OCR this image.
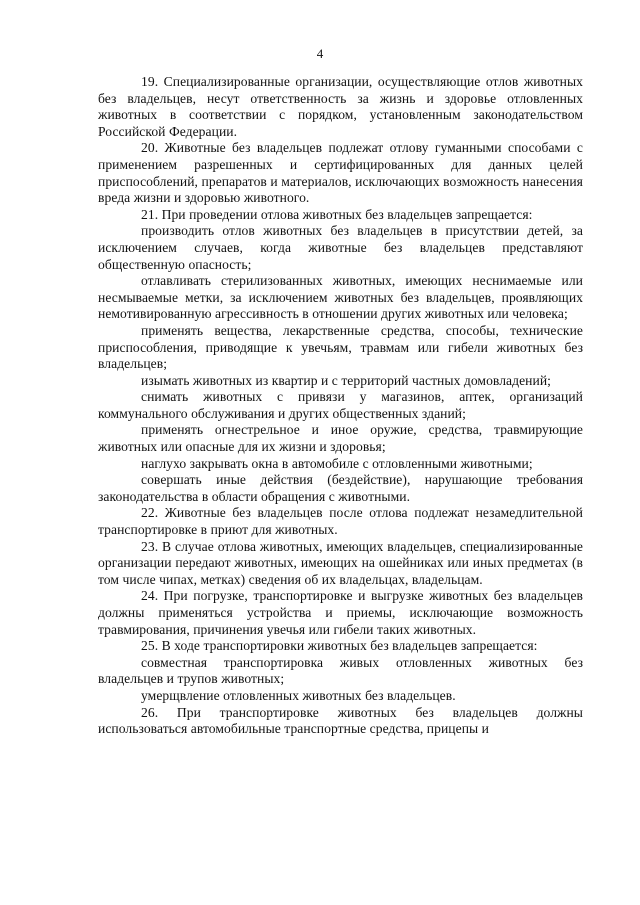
4

19. Специализированные организации, осуществляющие отлов животных без владельцев, несут ответственность за жизнь и здоровье отловленных животных в соответствии с порядком, установленным законодательством Российской Федерации.

20. Животные без владельцев подлежат отлову гуманными способами с применением разрешенных и сертифицированных для данных целей приспособлений, препаратов и материалов, исключающих возможность нанесения вреда жизни и здоровью животного.

21. При проведении отлова животных без владельцев запрещается:

производить отлов животных без владельцев в присутствии детей, за исключением случаев, когда животные без владельцев представляют общественную опасность;

отлавливать стерилизованных животных, имеющих неснимаемые или несмываемые метки, за исключением животных без владельцев, проявляющих немотивированную агрессивность в отношении других животных или человека;

применять вещества, лекарственные средства, способы, технические приспособления, приводящие к увечьям, травмам или гибели животных без владельцев;

изымать животных из квартир и с территорий частных домовладений;

снимать животных с привязи у магазинов, аптек, организаций коммунального обслуживания и других общественных зданий;

применять огнестрельное и иное оружие, средства, травмирующие животных или опасные для их жизни и здоровья;

наглухо закрывать окна в автомобиле с отловленными животными;

совершать иные действия (бездействие), нарушающие требования законодательства в области обращения с животными.

22. Животные без владельцев после отлова подлежат незамедлительной транспортировке в приют для животных.

23. В случае отлова животных, имеющих владельцев, специализированные организации передают животных, имеющих на ошейниках или иных предметах (в том числе чипах, метках) сведения об их владельцах, владельцам.

24. При погрузке, транспортировке и выгрузке животных без владельцев должны применяться устройства и приемы, исключающие возможность травмирования, причинения увечья или гибели таких животных.

25. В ходе транспортировки животных без владельцев запрещается:

совместная транспортировка живых отловленных животных без владельцев и трупов животных;

умерщвление отловленных животных без владельцев.

26. При транспортировке животных без владельцев должны использоваться автомобильные транспортные средства, прицепы и
